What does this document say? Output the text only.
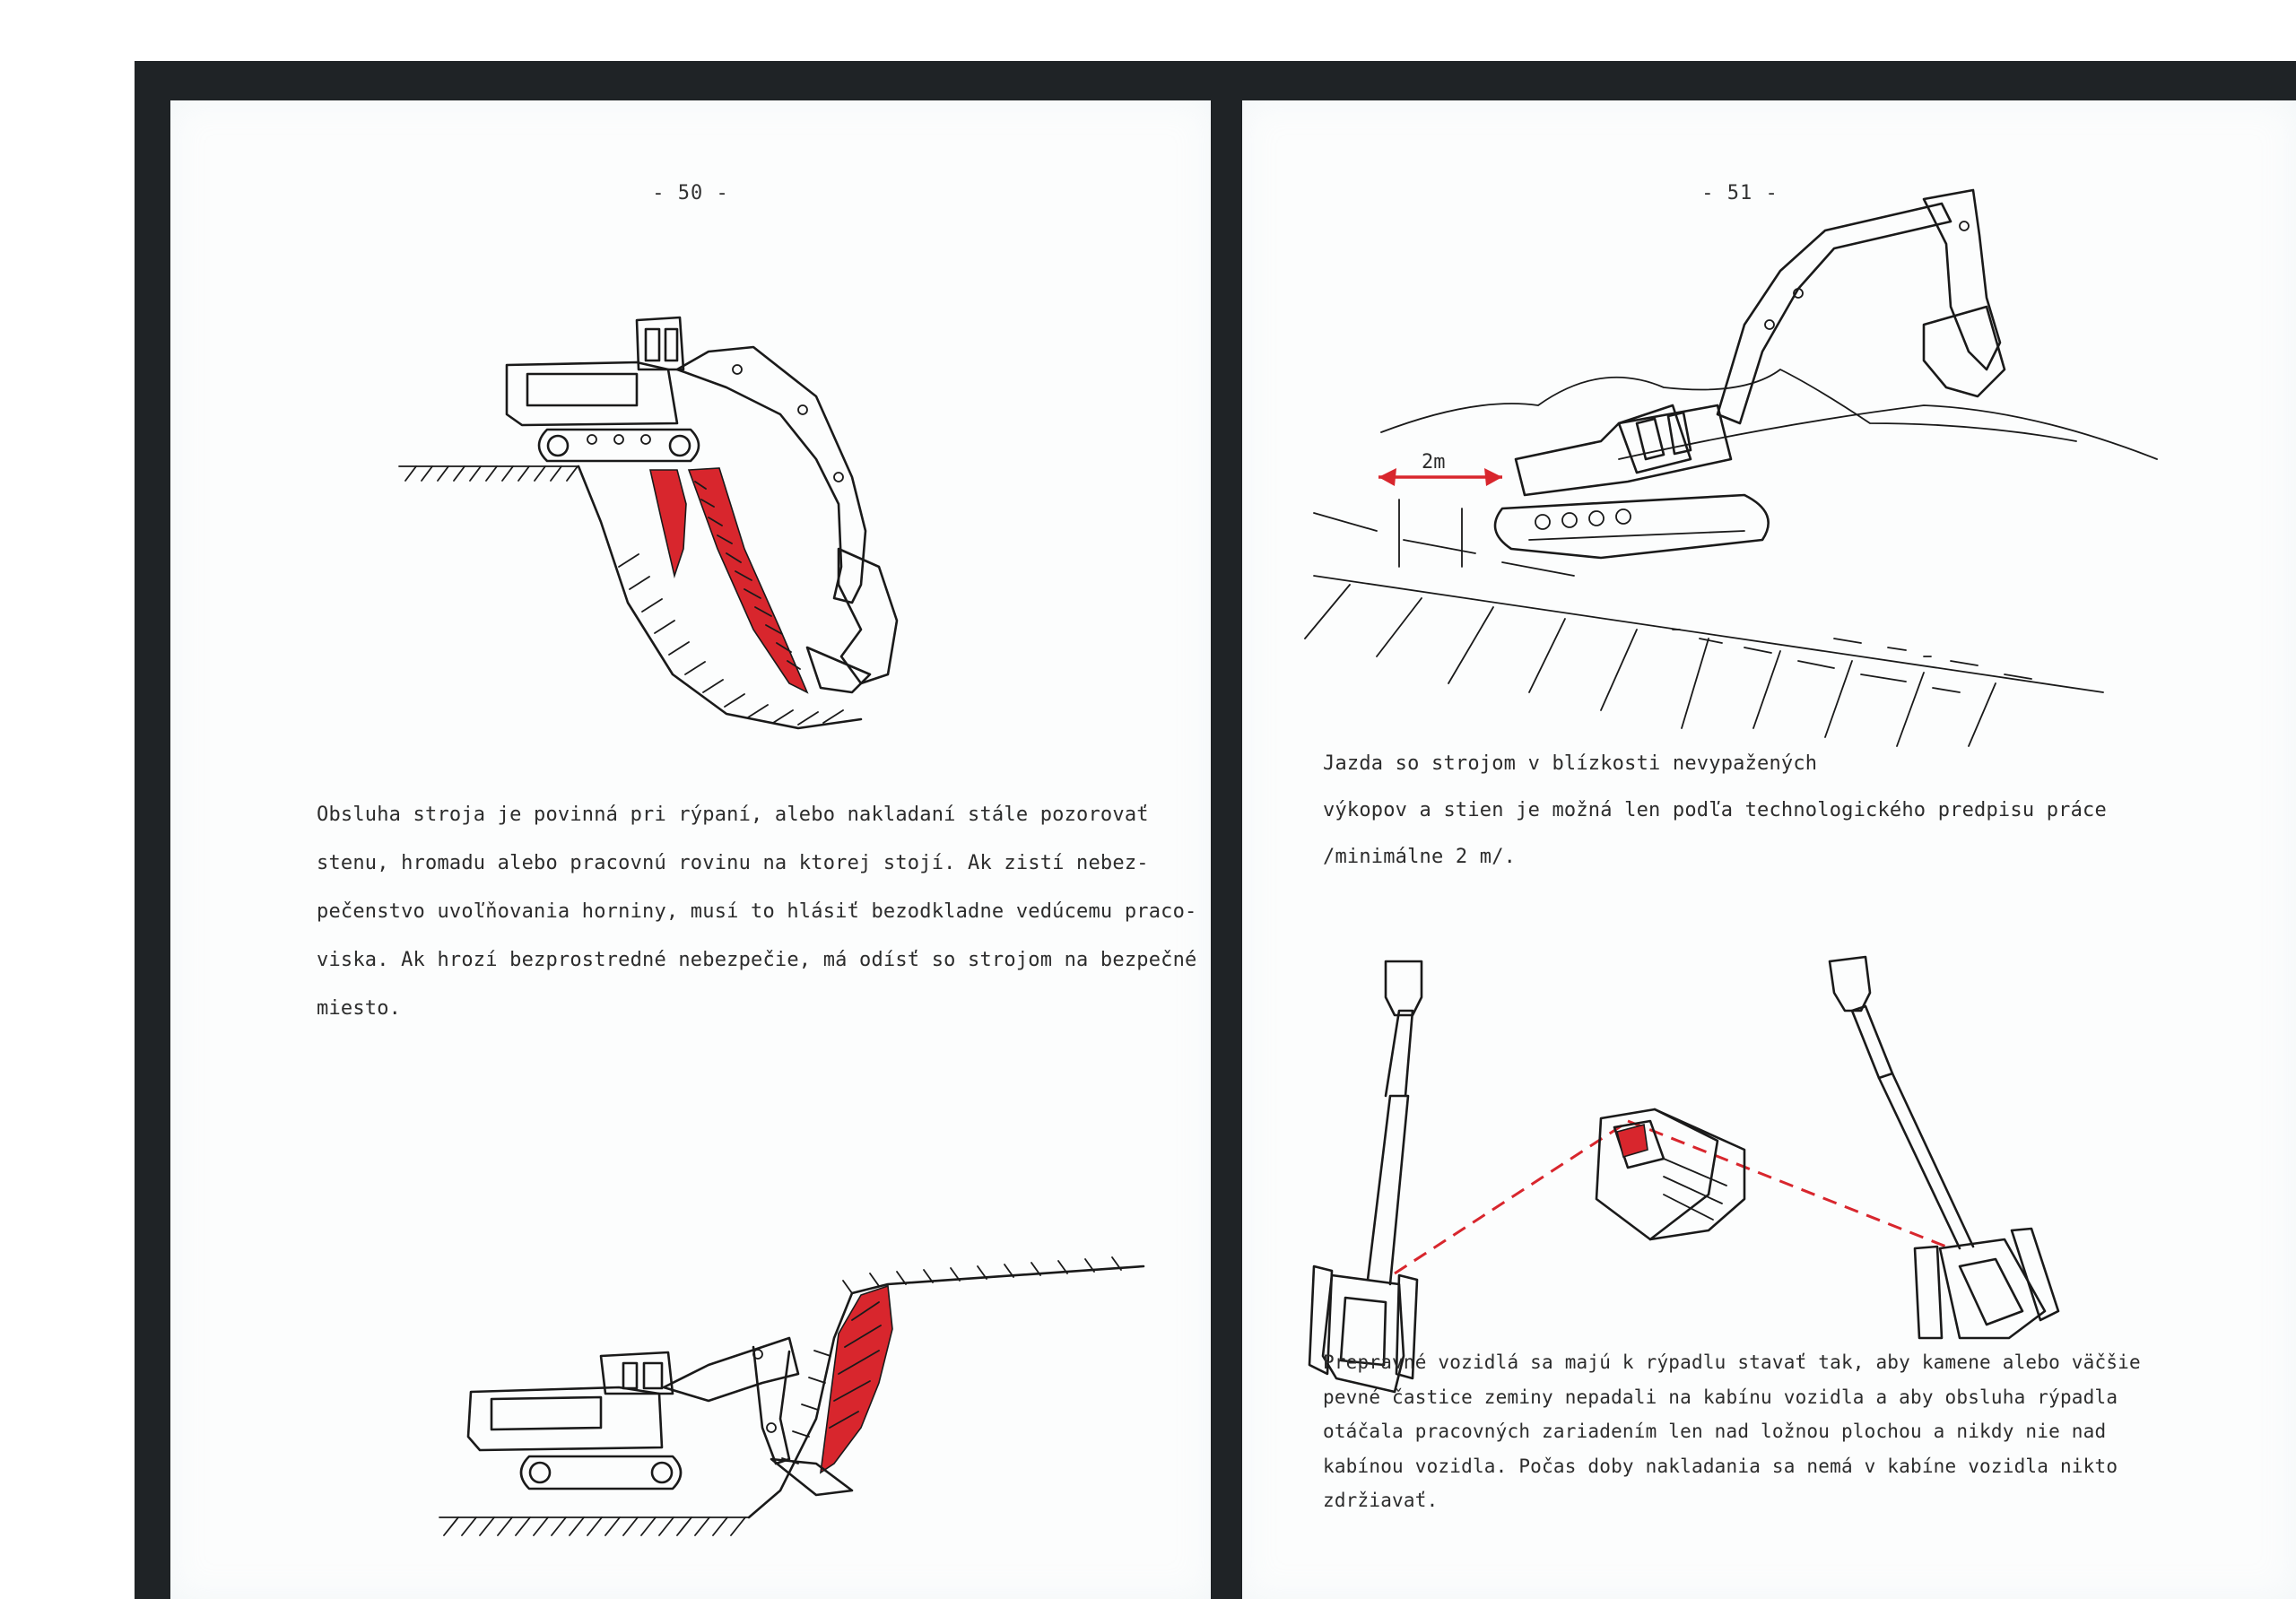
- 50 -
Obsluha stroja je povinná pri rýpaní, alebo nakladaní stále pozorovať
stenu, hromadu alebo pracovnú rovinu na ktorej stojí. Ak zistí nebez-
pečenstvo uvoľňovania horniny, musí to hlásiť bezodkladne vedúcemu praco-
viska. Ak hrozí bezprostredné nebezpečie, má odísť so strojom na bezpečné
miesto.
- 51 -
2m
Jazda so strojom v blízkosti nevypažených
výkopov a stien je možná len podľa technologického predpisu práce
/minimálne 2 m/.
Prepravné vozidlá sa majú k rýpadlu stavať tak, aby kamene alebo väčšie
pevné častice zeminy nepadali na kabínu vozidla a aby obsluha rýpadla
otáčala pracovných zariadením len nad ložnou plochou a nikdy nie nad
kabínou vozidla. Počas doby nakladania sa nemá v kabíne vozidla nikto
zdržiavať.
